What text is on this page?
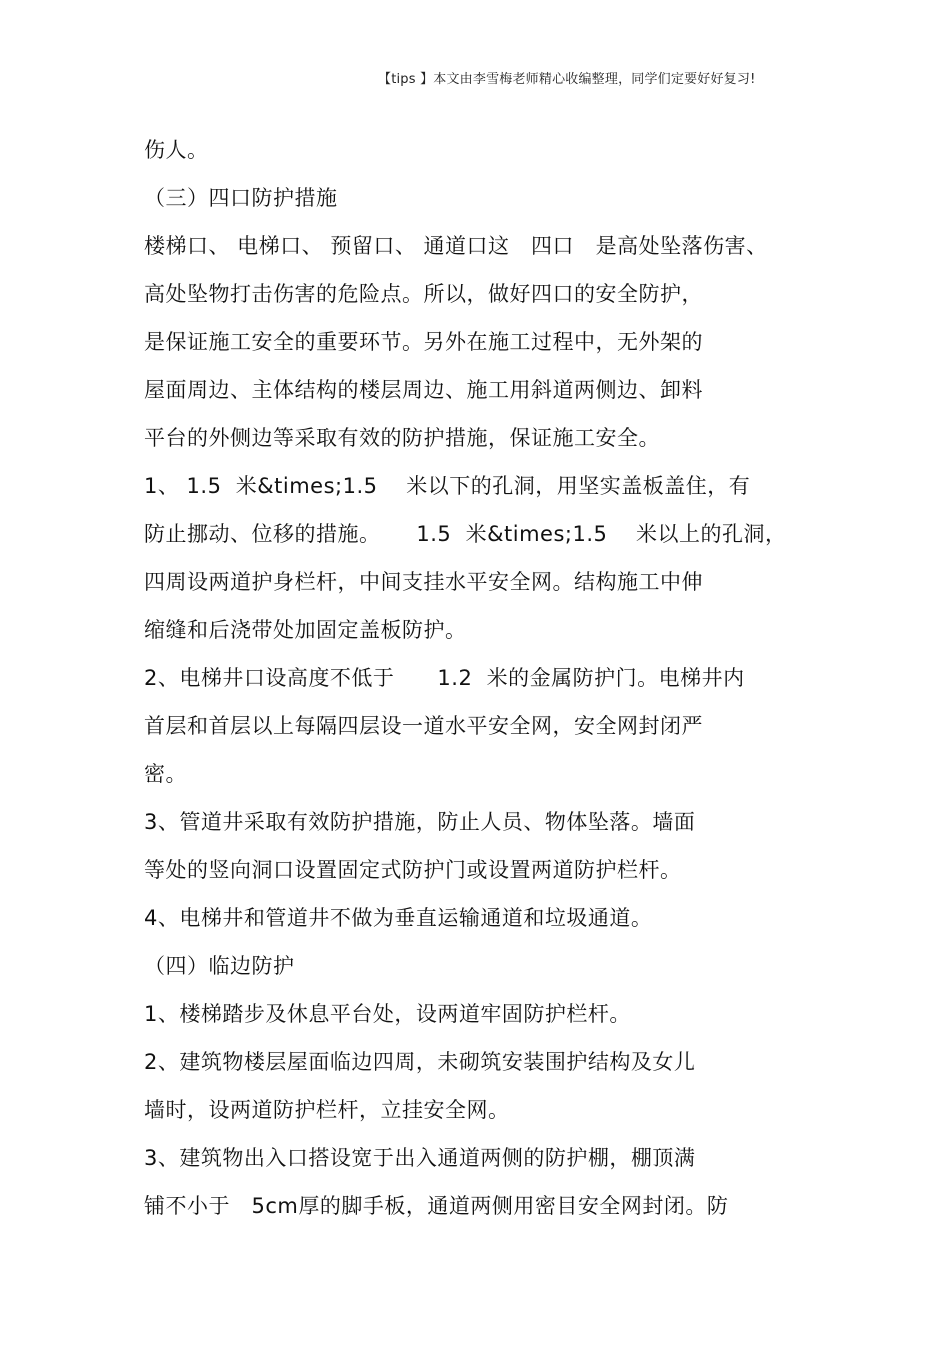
【tips 】本文由李雪梅老师精心收编整理，同学们定要好好复习!
伤人。
（三）四口防护措施
楼梯口、 电梯口、 预留口、 通道口这   四口   是高处坠落伤害、
高处坠物打击伤害的危险点。所以，做好四口的安全防护，
是保证施工安全的重要环节。另外在施工过程中，无外架的
屋面周边、主体结构的楼层周边、施工用斜道两侧边、卸料
平台的外侧边等采取有效的防护措施，保证施工安全。
1、 1.5  米&times;1.5    米以下的孔洞，用坚实盖板盖住，有
防止挪动、位移的措施。     1.5  米&times;1.5    米以上的孔洞，
四周设两道护身栏杆，中间支挂水平安全网。结构施工中伸
缩缝和后浇带处加固定盖板防护。
2、电梯井口设高度不低于      1.2  米的金属防护门。电梯井内
首层和首层以上每隔四层设一道水平安全网，安全网封闭严
密。
3、管道井采取有效防护措施，防止人员、物体坠落。墙面
等处的竖向洞口设置固定式防护门或设置两道防护栏杆。
4、电梯井和管道井不做为垂直运输通道和垃圾通道。
（四）临边防护
1、楼梯踏步及休息平台处，设两道牢固防护栏杆。
2、建筑物楼层屋面临边四周，未砌筑安装围护结构及女儿
墙时，设两道防护栏杆，立挂安全网。
3、建筑物出入口搭设宽于出入通道两侧的防护棚，棚顶满
铺不小于   5cm厚的脚手板，通道两侧用密目安全网封闭。防
